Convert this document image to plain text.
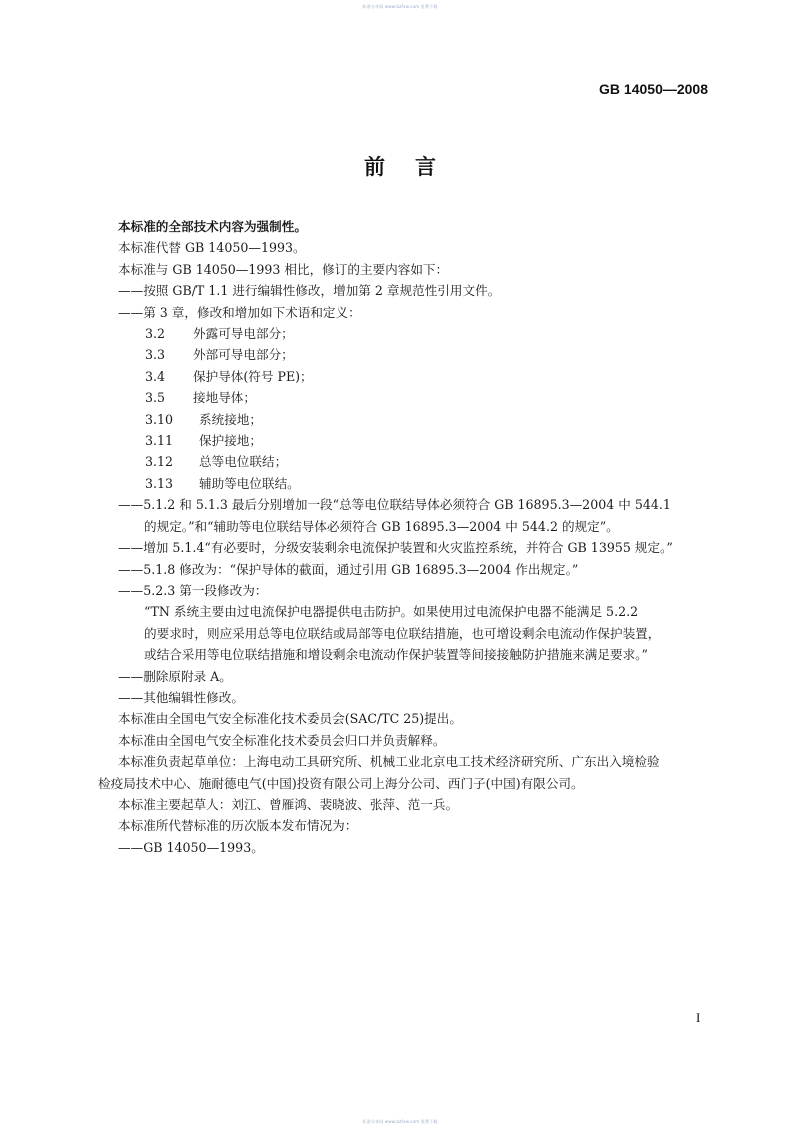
标准分享网 www.bzfxw.com 免费下载
GB 14050—2008
前言

本标准的全部技术内容为强制性。

本标准代替 GB 14050—1993。

本标准与 GB 14050—1993 相比，修订的主要内容如下：

——按照 GB/T 1.1 进行编辑性修改，增加第 2 章规范性引用文件。

——第 3 章，修改和增加如下术语和定义：

3.2 外露可导电部分；

3.3 外部可导电部分；

3.4 保护导体(符号 PE)；

3.5 接地导体；

3.10 系统接地；

3.11 保护接地；

3.12 总等电位联结；

3.13 辅助等电位联结。

——5.1.2 和 5.1.3 最后分别增加一段“总等电位联结导体必须符合 GB 16895.3—2004 中 544.1

的规定。”和“辅助等电位联结导体必须符合 GB 16895.3—2004 中 544.2 的规定”。

——增加 5.1.4“有必要时，分级安装剩余电流保护装置和火灾监控系统，并符合 GB 13955 规定。”

——5.1.8 修改为：“保护导体的截面，通过引用 GB 16895.3—2004 作出规定。”

——5.2.3 第一段修改为：

“TN 系统主要由过电流保护电器提供电击防护。如果使用过电流保护电器不能满足 5.2.2

的要求时，则应采用总等电位联结或局部等电位联结措施，也可增设剩余电流动作保护装置，

或结合采用等电位联结措施和增设剩余电流动作保护装置等间接接触防护措施来满足要求。”

——删除原附录 A。

——其他编辑性修改。

本标准由全国电气安全标准化技术委员会(SAC/TC 25)提出。

本标准由全国电气安全标准化技术委员会归口并负责解释。

本标准负责起草单位：上海电动工具研究所、机械工业北京电工技术经济研究所、广东出入境检验

检疫局技术中心、施耐德电气(中国)投资有限公司上海分公司、西门子(中国)有限公司。

本标准主要起草人：刘江、曾雁鸿、裴晓波、张萍、范一兵。

本标准所代替标准的历次版本发布情况为：

——GB 14050—1993。

I
标准分享网 www.bzfxw.com 免费下载
